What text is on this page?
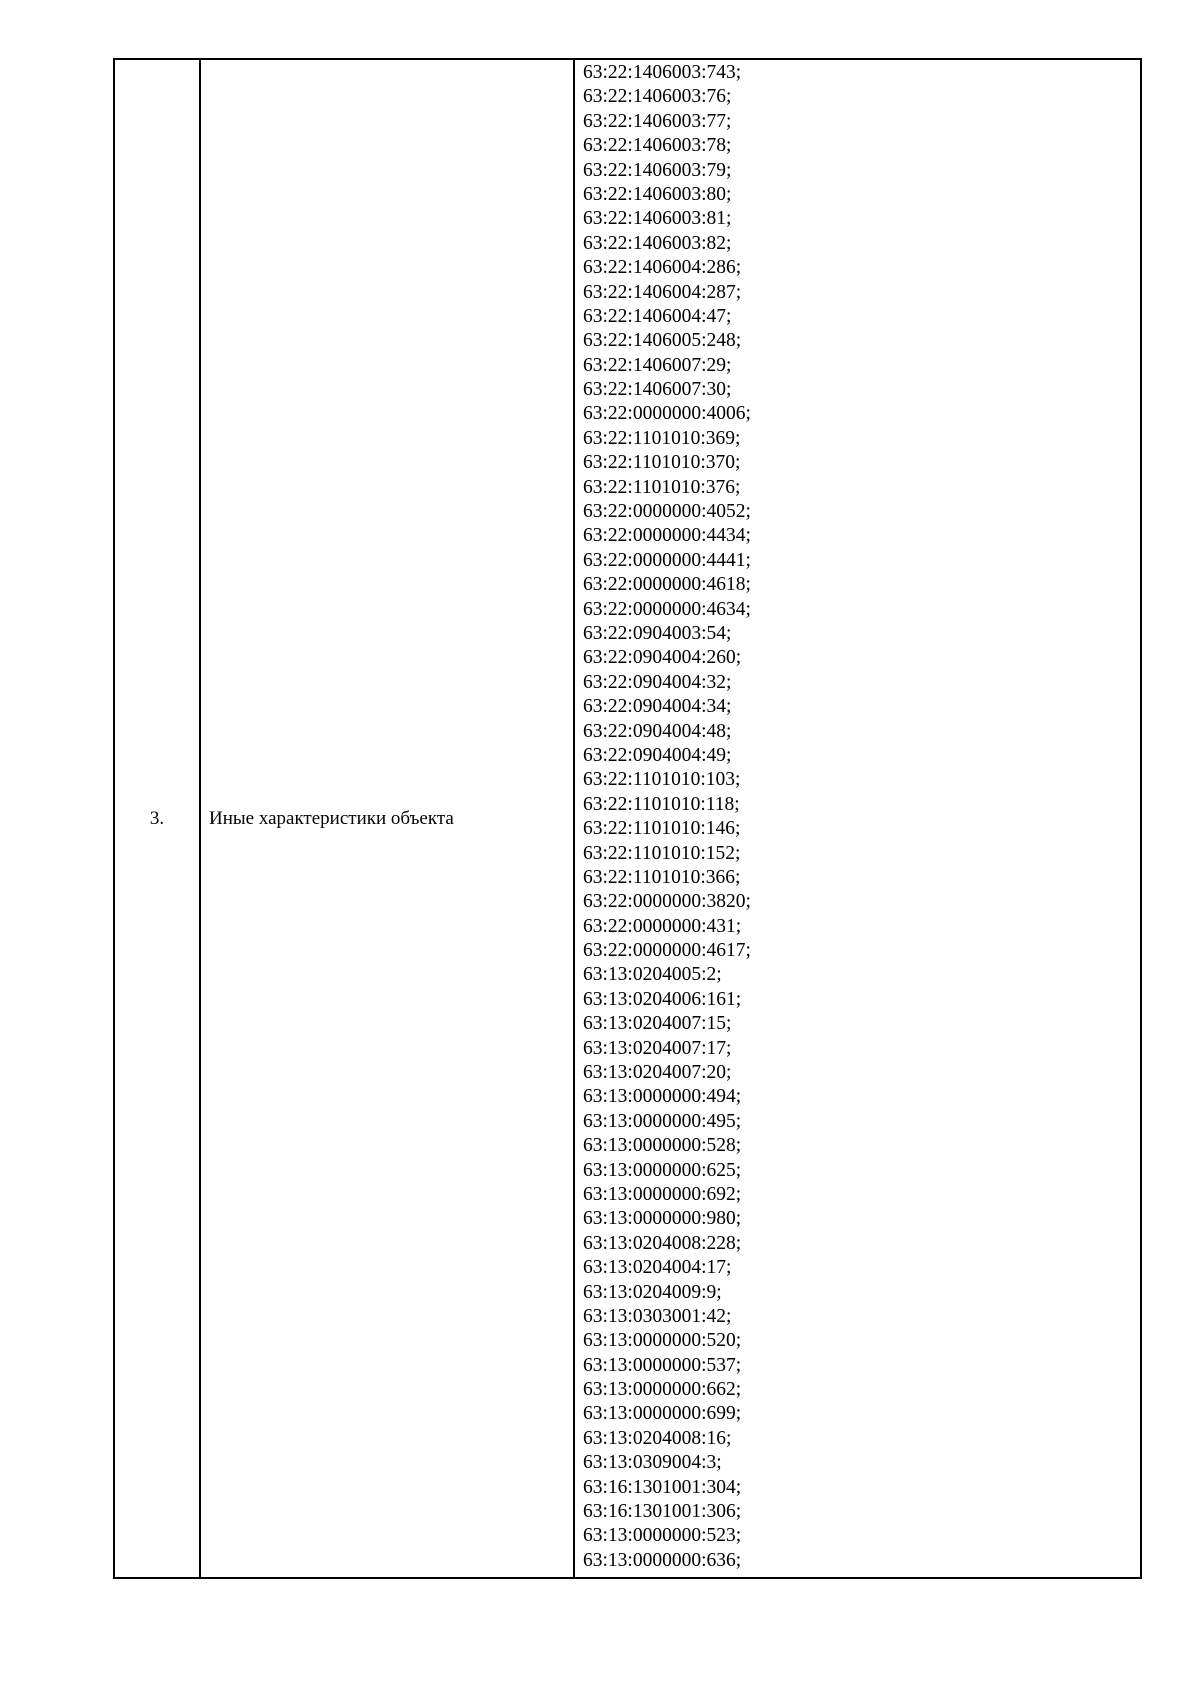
3. Иные характеристики объекта
63:22:1406003:743;
63:22:1406003:76;
63:22:1406003:77;
63:22:1406003:78;
63:22:1406003:79;
63:22:1406003:80;
63:22:1406003:81;
63:22:1406003:82;
63:22:1406004:286;
63:22:1406004:287;
63:22:1406004:47;
63:22:1406005:248;
63:22:1406007:29;
63:22:1406007:30;
63:22:0000000:4006;
63:22:1101010:369;
63:22:1101010:370;
63:22:1101010:376;
63:22:0000000:4052;
63:22:0000000:4434;
63:22:0000000:4441;
63:22:0000000:4618;
63:22:0000000:4634;
63:22:0904003:54;
63:22:0904004:260;
63:22:0904004:32;
63:22:0904004:34;
63:22:0904004:48;
63:22:0904004:49;
63:22:1101010:103;
63:22:1101010:118;
63:22:1101010:146;
63:22:1101010:152;
63:22:1101010:366;
63:22:0000000:3820;
63:22:0000000:431;
63:22:0000000:4617;
63:13:0204005:2;
63:13:0204006:161;
63:13:0204007:15;
63:13:0204007:17;
63:13:0204007:20;
63:13:0000000:494;
63:13:0000000:495;
63:13:0000000:528;
63:13:0000000:625;
63:13:0000000:692;
63:13:0000000:980;
63:13:0204008:228;
63:13:0204004:17;
63:13:0204009:9;
63:13:0303001:42;
63:13:0000000:520;
63:13:0000000:537;
63:13:0000000:662;
63:13:0000000:699;
63:13:0204008:16;
63:13:0309004:3;
63:16:1301001:304;
63:16:1301001:306;
63:13:0000000:523;
63:13:0000000:636;
